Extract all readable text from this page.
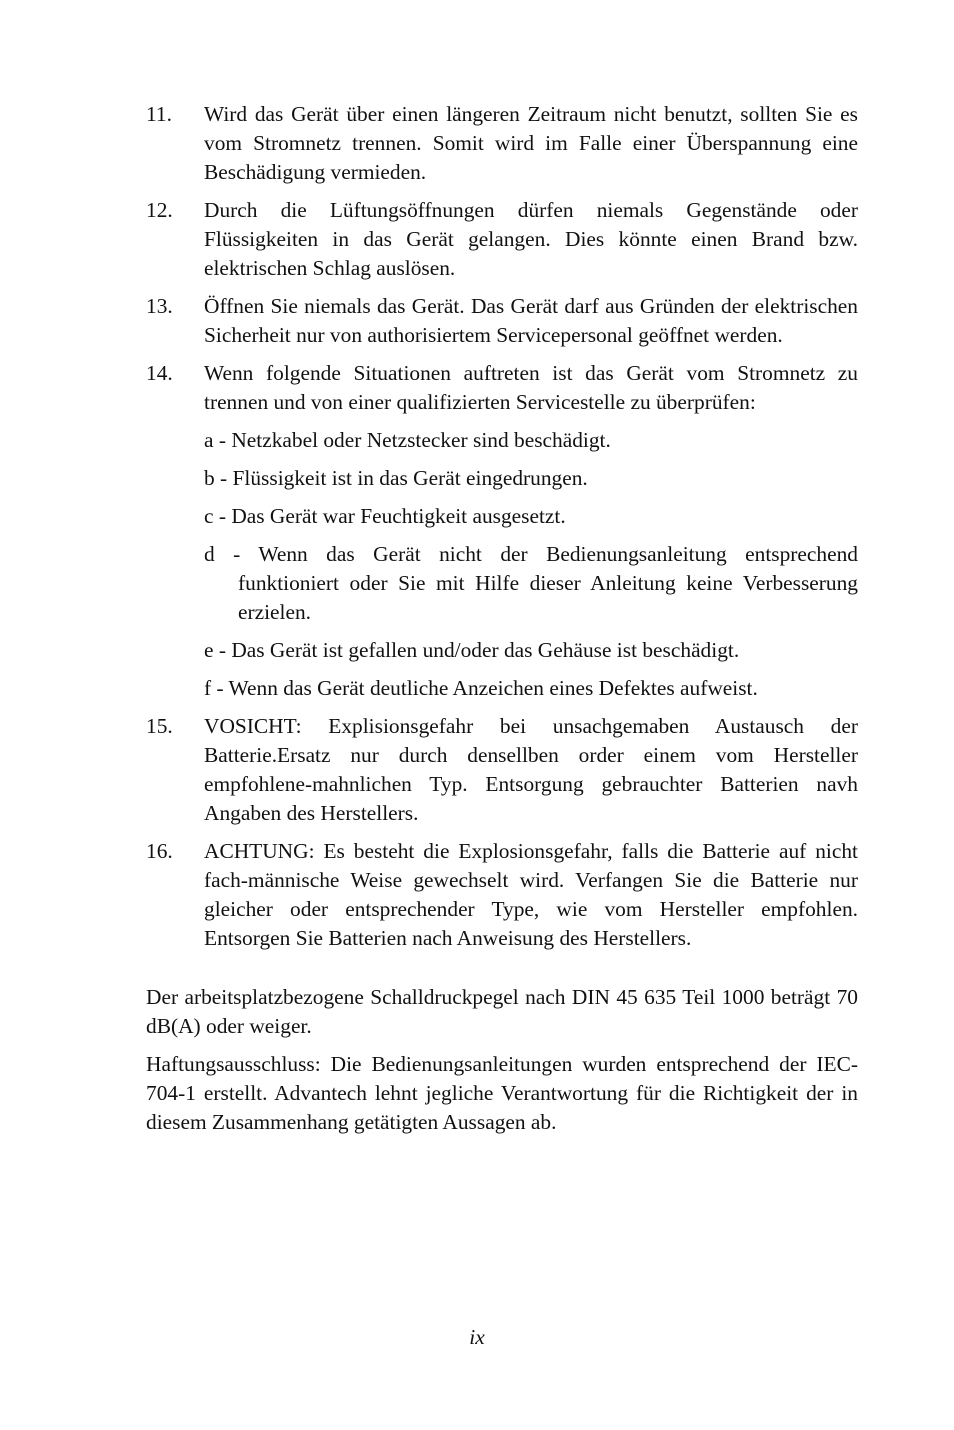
11.	Wird das Gerät über einen längeren Zeitraum nicht benutzt, sollten Sie es vom Stromnetz trennen. Somit wird im Falle einer Überspannung eine Beschädigung vermieden.
12.	Durch die Lüftungsöffnungen dürfen niemals Gegenstände oder Flüssigkeiten in das Gerät gelangen. Dies könnte einen Brand bzw. elektrischen Schlag auslösen.
13.	Öffnen Sie niemals das Gerät. Das Gerät darf aus Gründen der elektrischen Sicherheit nur von authorisiertem Servicepersonal geöffnet werden.
14.	Wenn folgende Situationen auftreten ist das Gerät vom Stromnetz zu trennen und von einer qualifizierten Servicestelle zu überprüfen:
a - Netzkabel oder Netzstecker sind beschädigt.
b - Flüssigkeit ist in das Gerät eingedrungen.
c - Das Gerät war Feuchtigkeit ausgesetzt.
d - Wenn das Gerät nicht der Bedienungsanleitung entsprechend funktioniert oder Sie mit Hilfe dieser Anleitung keine Verbesserung erzielen.
e - Das Gerät ist gefallen und/oder das Gehäuse ist beschädigt.
f - Wenn das Gerät deutliche Anzeichen eines Defektes aufweist.
15.	VOSICHT: Explisionsgefahr bei unsachgemaben Austausch der Batterie.Ersatz nur durch densellben order einem vom Hersteller empfohlene-mahnlichen Typ. Entsorgung gebrauchter Batterien navh Angaben des Herstellers.
16.	ACHTUNG: Es besteht die Explosionsgefahr, falls die Batterie auf nicht fach-männische Weise gewechselt wird. Verfangen Sie die Batterie nur gleicher oder entsprechender Type, wie vom Hersteller empfohlen. Entsorgen Sie Batterien nach Anweisung des Herstellers.

Der arbeitsplatzbezogene Schalldruckpegel nach DIN 45 635 Teil 1000 beträgt 70 dB(A) oder weiger.

Haftungsausschluss: Die Bedienungsanleitungen wurden entsprechend der IEC-704-1 erstellt. Advantech lehnt jegliche Verantwortung für die Richtigkeit der in diesem Zusammenhang getätigten Aussagen ab.

ix
